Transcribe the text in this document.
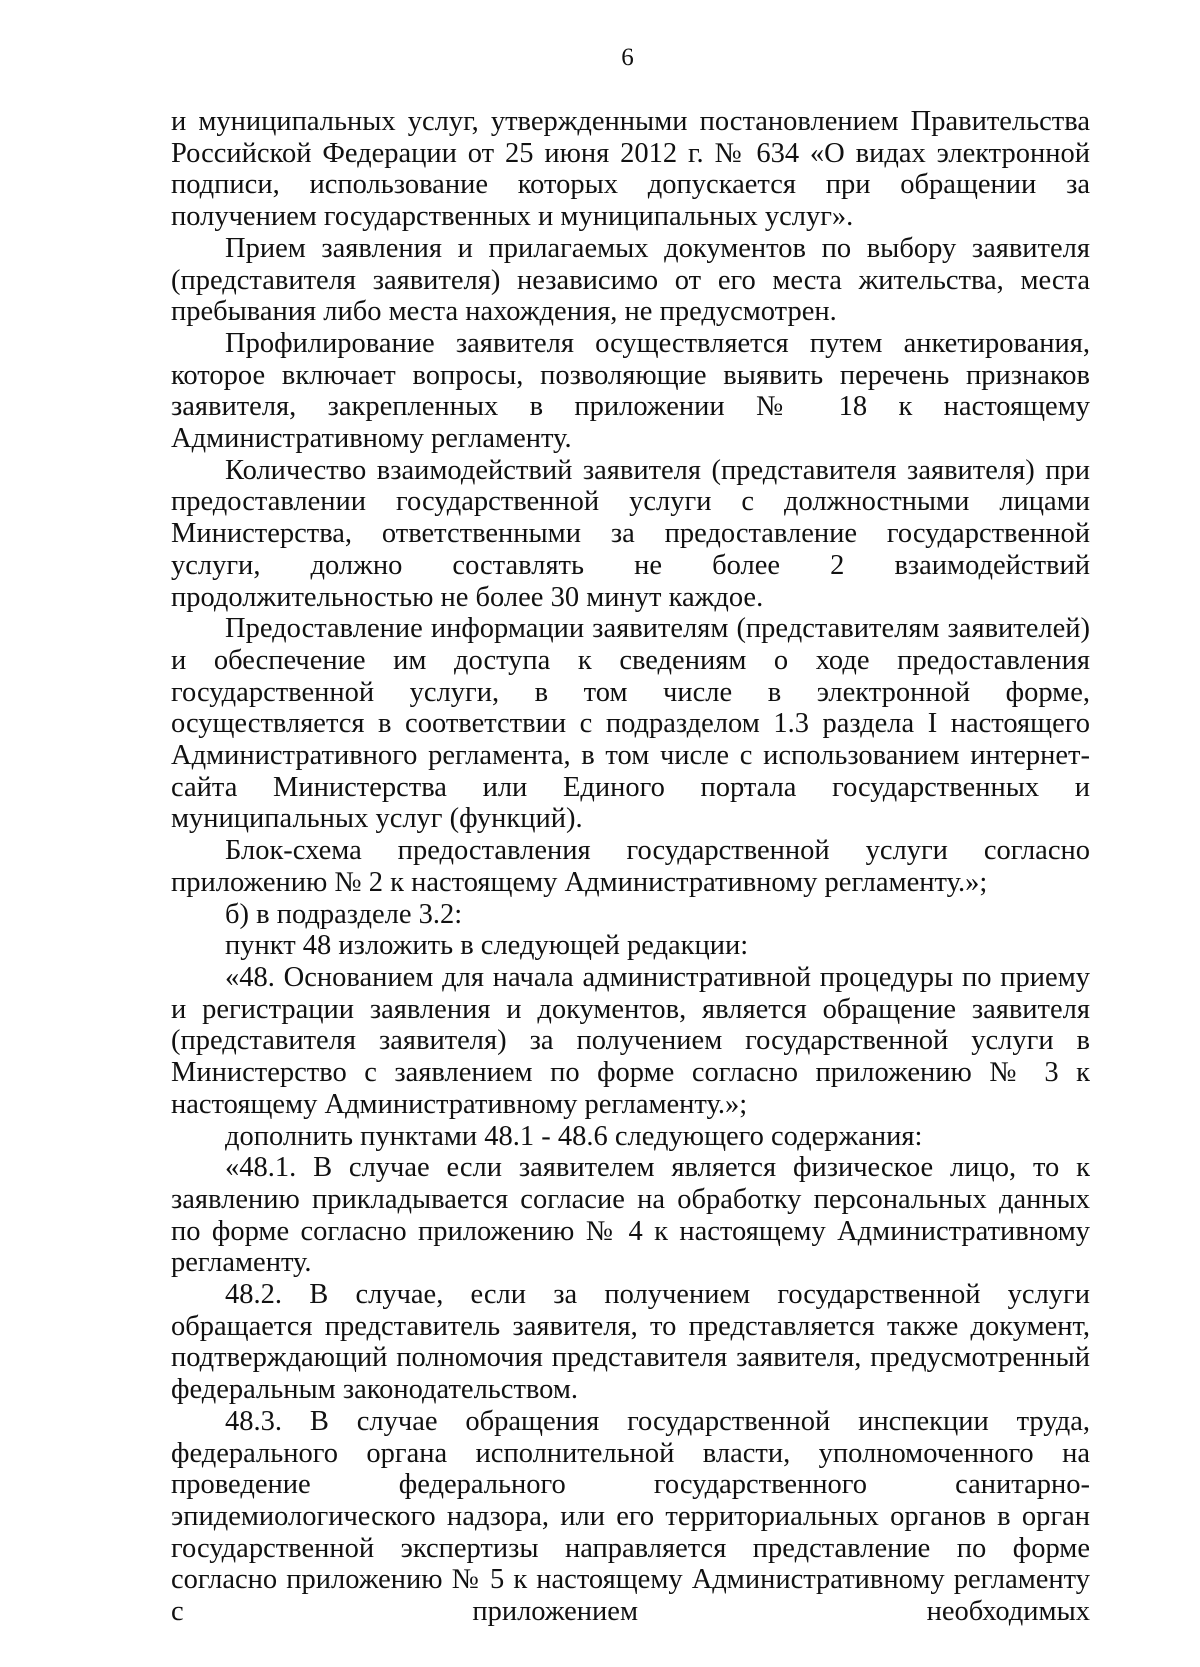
6

и муниципальных услуг, утвержденными постановлением Правительства Российской Федерации от 25 июня 2012 г. № 634 «О видах электронной подписи, использование которых допускается при обращении за получением государственных и муниципальных услуг».

Прием заявления и прилагаемых документов по выбору заявителя (представителя заявителя) независимо от его места жительства, места пребывания либо места нахождения, не предусмотрен.

Профилирование заявителя осуществляется путем анкетирования, которое включает вопросы, позволяющие выявить перечень признаков заявителя, закрепленных в приложении № 18 к настоящему Административному регламенту.

Количество взаимодействий заявителя (представителя заявителя) при предоставлении государственной услуги с должностными лицами Министерства, ответственными за предоставление государственной услуги, должно составлять не более 2 взаимодействий продолжительностью не более 30 минут каждое.

Предоставление информации заявителям (представителям заявителей) и обеспечение им доступа к сведениям о ходе предоставления государственной услуги, в том числе в электронной форме, осуществляется в соответствии с подразделом 1.3 раздела I настоящего Административного регламента, в том числе с использованием интернет-сайта Министерства или Единого портала государственных и муниципальных услуг (функций).

Блок-схема предоставления государственной услуги согласно приложению № 2 к настоящему Административному регламенту.»;

б) в подразделе 3.2:

пункт 48 изложить в следующей редакции:

«48. Основанием для начала административной процедуры по приему и регистрации заявления и документов, является обращение заявителя (представителя заявителя) за получением государственной услуги в Министерство с заявлением по форме согласно приложению № 3 к настоящему Административному регламенту.»;

дополнить пунктами 48.1 - 48.6 следующего содержания:

«48.1. В случае если заявителем является физическое лицо, то к заявлению прикладывается согласие на обработку персональных данных по форме согласно приложению № 4 к настоящему Административному регламенту.

48.2. В случае, если за получением государственной услуги обращается представитель заявителя, то представляется также документ, подтверждающий полномочия представителя заявителя, предусмотренный федеральным законодательством.

48.3. В случае обращения государственной инспекции труда, федерального органа исполнительной власти, уполномоченного на проведение федерального государственного санитарно-эпидемиологического надзора, или его территориальных органов в орган государственной экспертизы направляется представление по форме согласно приложению № 5 к настоящему Административному регламенту с приложением необходимых
